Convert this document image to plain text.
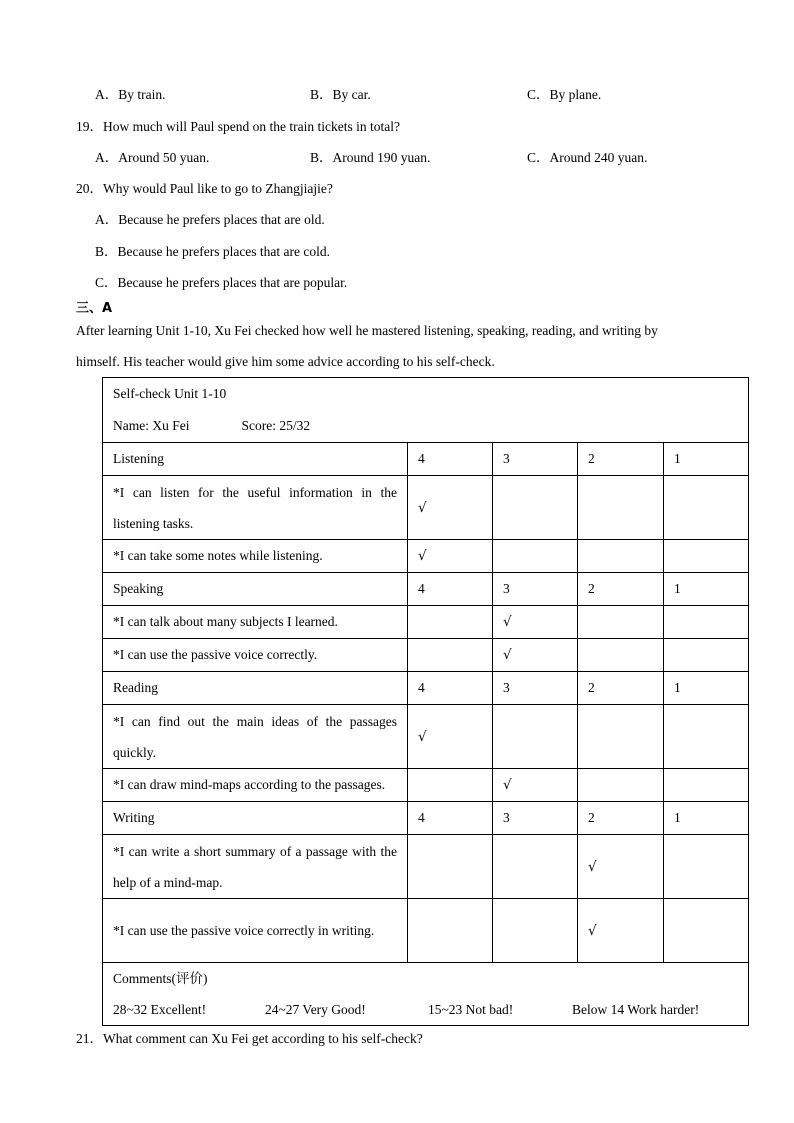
A．By train.	B．By car.	C．By plane.
19．How much will Paul spend on the train tickets in total?
A．Around 50 yuan.	B．Around 190 yuan.	C．Around 240 yuan.
20．Why would Paul like to go to Zhangjiajie?
A．Because he prefers places that are old.
B．Because he prefers places that are cold.
C．Because he prefers places that are popular.
三、A
After learning Unit 1-10, Xu Fei checked how well he mastered listening, speaking, reading, and writing by
himself. His teacher would give him some advice according to his self-check.
Self-check Unit 1-10
Name: Xu Fei Score: 25/32				

Listening	4	3	2	1
*I can listen for the useful information in the listening tasks.	√			
*I can take some notes while listening.	√			
Speaking	4	3	2	1
*I can talk about many subjects I learned.		√		
*I can use the passive voice correctly.		√		
Reading	4	3	2	1
*I can find out the main ideas of the passages quickly.	√			
*I can draw mind-maps according to the passages.		√		
Writing	4	3	2	1
*I can write a short summary of a passage with the help of a mind-map.			√	
*I can use the passive voice correctly in writing.			√	

Comments(评价)
28~32 Excellent! 24~27 Very Good! 15~23 Not bad! Below 14 Work harder!				
21．What comment can Xu Fei get according to his self-check?
